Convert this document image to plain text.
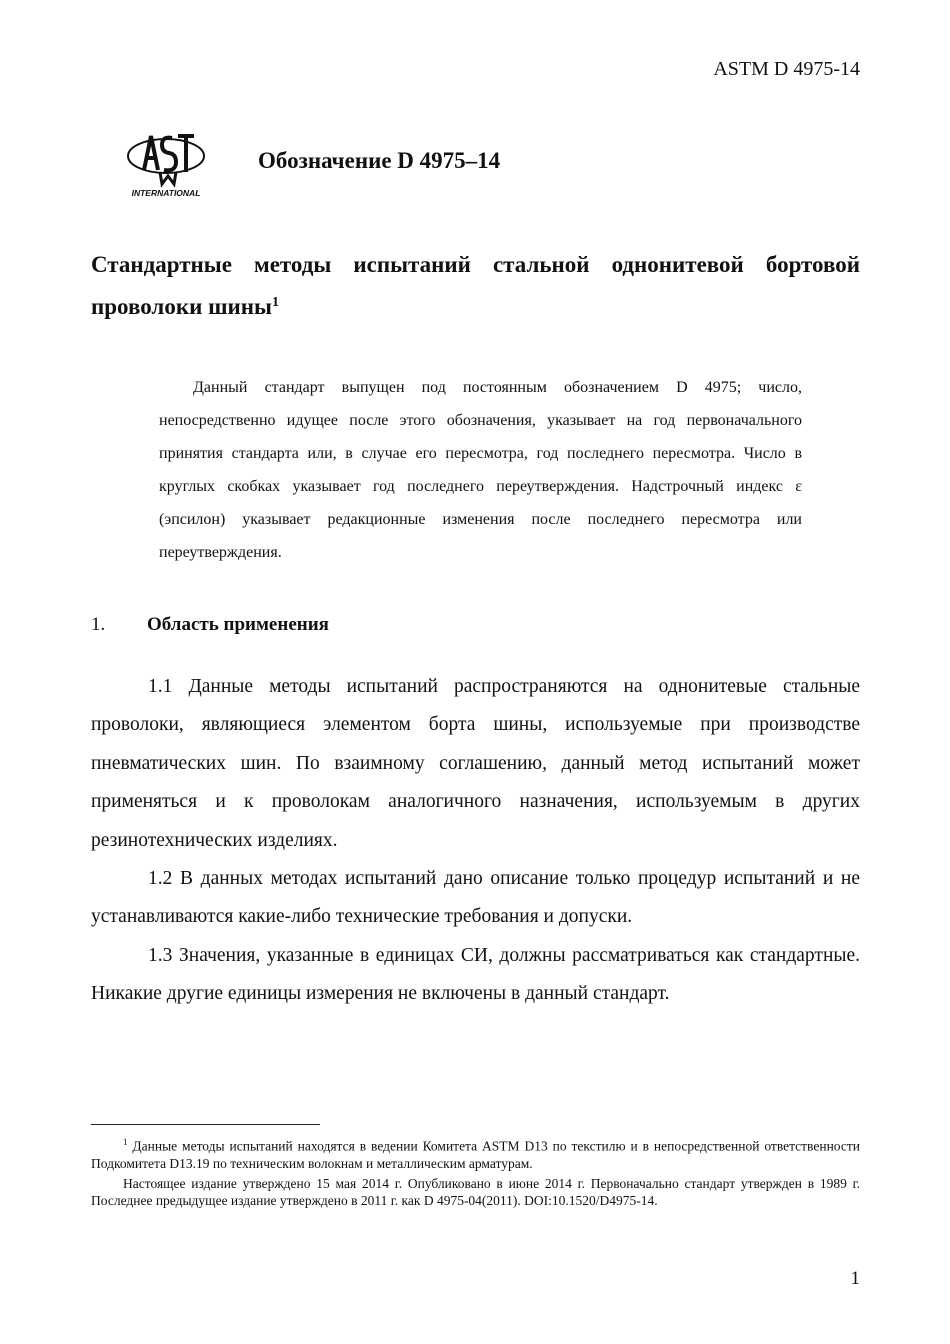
ASTM D 4975-14
INTERNATIONAL
Обозначение D 4975–14
Стандартные методы испытаний стальной однонитевой бортовой проволоки шины$^1$

Данный стандарт выпущен под постоянным обозначением D 4975; число, непосредственно идущее после этого обозначения, указывает на год первоначального принятия стандарта или, в случае его пересмотра, год последнего пересмотра. Число в круглых скобках указывает год последнего переутверждения. Надстрочный индекс ε (эпсилон) указывает редакционные изменения после последнего пересмотра или переутверждения.

1. Область применения

1.1 Данные методы испытаний распространяются на однонитевые стальные проволоки, являющиеся элементом борта шины, используемые при производстве пневматических шин. По взаимному соглашению, данный метод испытаний может применяться и к проволокам аналогичного назначения, используемым в других резинотехнических изделиях.

1.2 В данных методах испытаний дано описание только процедур испытаний и не устанавливаются какие-либо технические требования и допуски.

1.3 Значения, указанные в единицах СИ, должны рассматриваться как стандартные. Никакие другие единицы измерения не включены в данный стандарт.

$^1$ Данные методы испытаний находятся в ведении Комитета ASTM D13 по текстилю и в непосредственной ответственности Подкомитета D13.19 по техническим волокнам и металлическим арматурам.

Настоящее издание утверждено 15 мая 2014 г. Опубликовано в июне 2014 г. Первоначально стандарт утвержден в 1989 г. Последнее предыдущее издание утверждено в 2011 г. как D 4975-04(2011). DOI:10.1520/D4975-14.

1
